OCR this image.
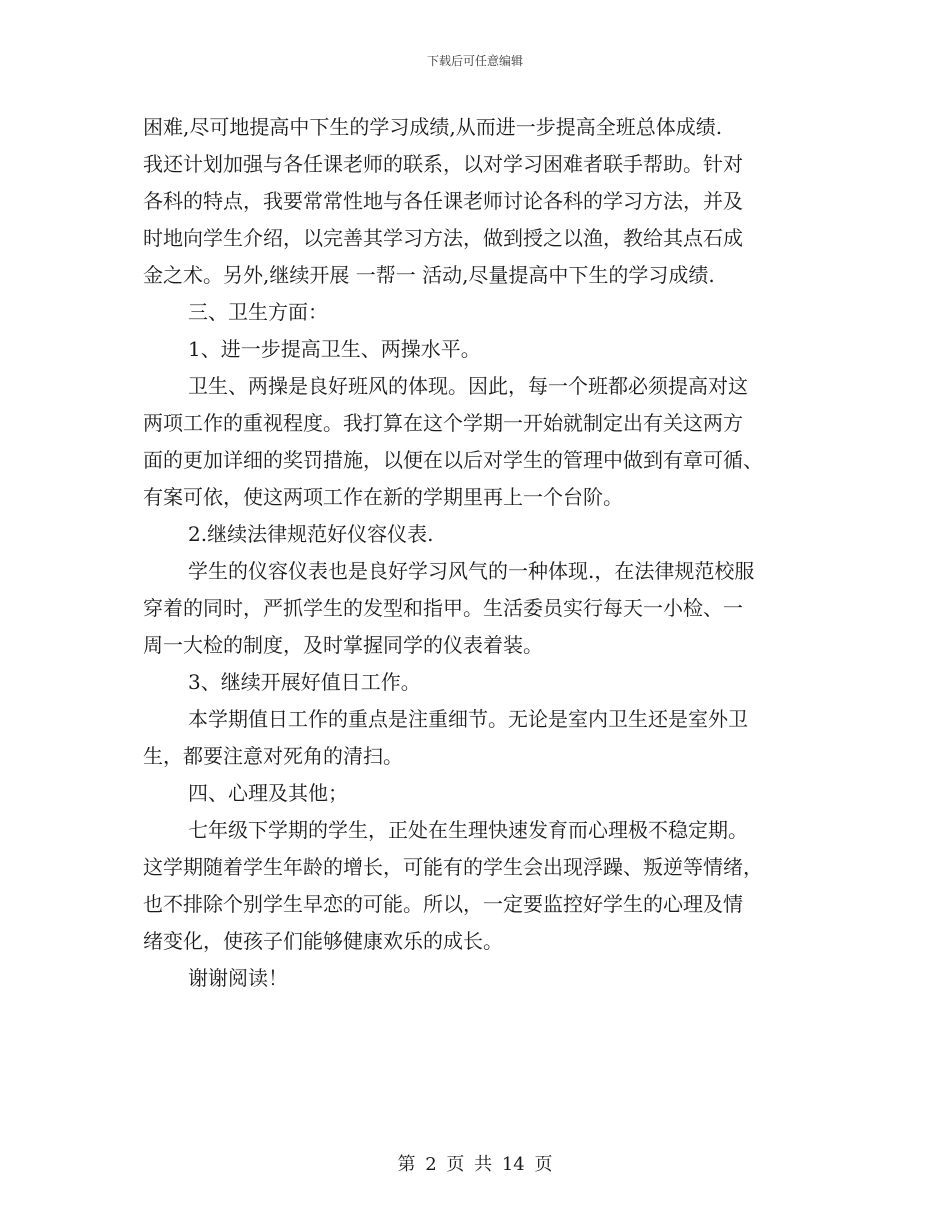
下载后可任意编辑
困难,尽可地提高中下生的学习成绩,从而进一步提高全班总体成绩.
我还计划加强与各任课老师的联系，以对学习困难者联手帮助。针对
各科的特点，我要常常性地与各任课老师讨论各科的学习方法，并及
时地向学生介绍，以完善其学习方法，做到授之以渔，教给其点石成
金之术。另外,继续开展 一帮一 活动,尽量提高中下生的学习成绩.
三、卫生方面：
1、进一步提高卫生、两操水平。
卫生、两操是良好班风的体现。因此，每一个班都必须提高对这
两项工作的重视程度。我打算在这个学期一开始就制定出有关这两方
面的更加详细的奖罚措施，以便在以后对学生的管理中做到有章可循、
有案可依，使这两项工作在新的学期里再上一个台阶。
2.继续法律规范好仪容仪表.
学生的仪容仪表也是良好学习风气的一种体现.，在法律规范校服
穿着的同时，严抓学生的发型和指甲。生活委员实行每天一小检、一
周一大检的制度，及时掌握同学的仪表着装。
3、继续开展好值日工作。
本学期值日工作的重点是注重细节。无论是室内卫生还是室外卫
生，都要注意对死角的清扫。
四、心理及其他；
七年级下学期的学生，正处在生理快速发育而心理极不稳定期。
这学期随着学生年龄的增长，可能有的学生会出现浮躁、叛逆等情绪，
也不排除个别学生早恋的可能。所以，一定要监控好学生的心理及情
绪变化，使孩子们能够健康欢乐的成长。
谢谢阅读！
第 2 页 共 14 页
